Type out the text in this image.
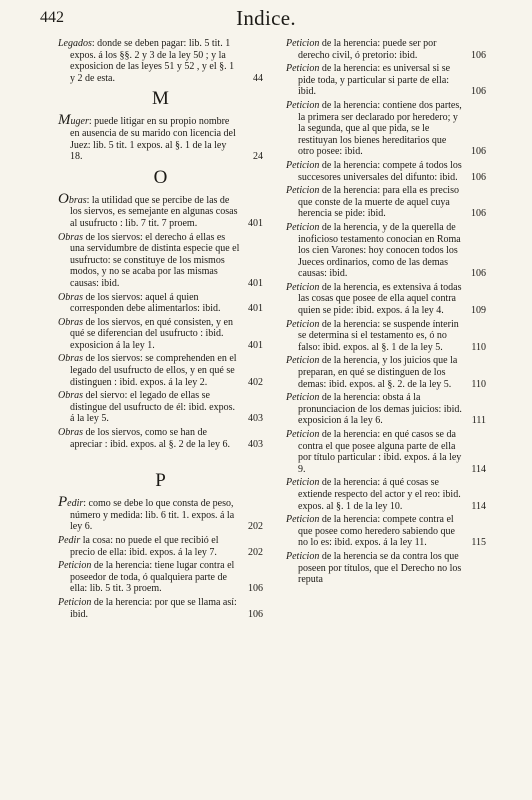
442	Indice.
Legados: donde se deben pagar: lib. 5 tit. 1 expos. á los §§. 2 y 3 de la ley 50 ; y la exposicion de las leyes 51 y 52 , y el §. 1 y 2 de esta.	44
M
Muger: puede litigar en su propio nombre en ausencia de su marido con licencia del Juez: lib. 5 tit. 1 expos. al §. 1 de la ley 18.	24
O
Obras: la utilidad que se percibe de las de los siervos, es semejante en algunas cosas al usufructo : lib. 7 tit. 7 proem.	401
Obras de los siervos: el derecho á ellas es una servidumbre de distinta especie que el usufructo: se constituye de los mismos modos, y no se acaba por las mismas causas: ibid.	401
Obras de los siervos: aquel á quien corresponden debe alimentarlos: ibid.	401
Obras de los siervos, en qué consisten, y en qué se diferencian del usufructo : ibid. exposicion á la ley 1.	401
Obras de los siervos: se comprehenden en el legado del usufructo de ellos, y en qué se distinguen : ibid. expos. á la ley 2.	402
Obras del siervo: el legado de ellas se distingue del usufructo de él: ibid. expos. á la ley 5.	403
Obras de los siervos, como se han de apreciar : ibid. expos. al §. 2 de la ley 6. 403
P
Pedir: como se debe lo que consta de peso, número y medida: lib. 6 tit. 1. expos. á la ley 6.	202
Pedir la cosa: no puede el que recibió el precio de ella: ibid. expos. á la ley 7.	202
Peticion de la herencia: tiene lugar contra el poseedor de toda, ó qualquiera parte de ella: lib. 5 tit. 3 proem.	106
Peticion de la herencia: por que se llama así: ibid.	106
Peticion de la herencia: puede ser por derecho civil, ó pretorio: ibid.	106
Peticion de la herencia: es universal si se pide toda, y particular si parte de ella: ibid.	106
Peticion de la herencia: contiene dos partes, la primera ser declarado por heredero; y la segunda, que al que pida, se le restituyan los bienes hereditarios que otro posee: ibid.	106
Peticion de la herencia: compete á todos los succesores universales del difunto: ibid. 106
Peticion de la herencia: para ella es preciso que conste de la muerte de aquel cuya herencia se pide: ibid.	106
Peticion de la herencia, y de la querella de inoficioso testamento conocian en Roma los cien Varones: hoy conocen todos los Jueces ordinarios, como de las demas causas: ibid.	106
Peticion de la herencia, es extensiva á todas las cosas que posee de ella aquel contra quien se pide: ibid. expos. á la ley 4.	109
Peticion de la herencia: se suspende ínterin se determina si el testamento es, ó no falso: ibid. expos. al §. 1 de la ley 5.	110
Peticion de la herencia, y los juicios que la preparan, en qué se distinguen de los demas: ibid. expos. al §. 2. de la ley 5. 110
Peticion de la herencia: obsta á la pronunciacion de los demas juicios: ibid. exposicion á la ley 6.	111
Peticion de la herencia: en qué casos se da contra el que posee alguna parte de ella por título particular : ibid. expos. á la ley 9.	114
Peticion de la herencia: á qué cosas se extiende respecto del actor y el reo: ibid. expos. al §. 1 de la ley 10.	114
Peticion de la herencia: compete contra el que posee como heredero sabiendo que no lo es: ibid. expos. á la ley 11.	115
Peticion de la herencia se da contra los que poseen por títulos, que el Derecho no los reputa
